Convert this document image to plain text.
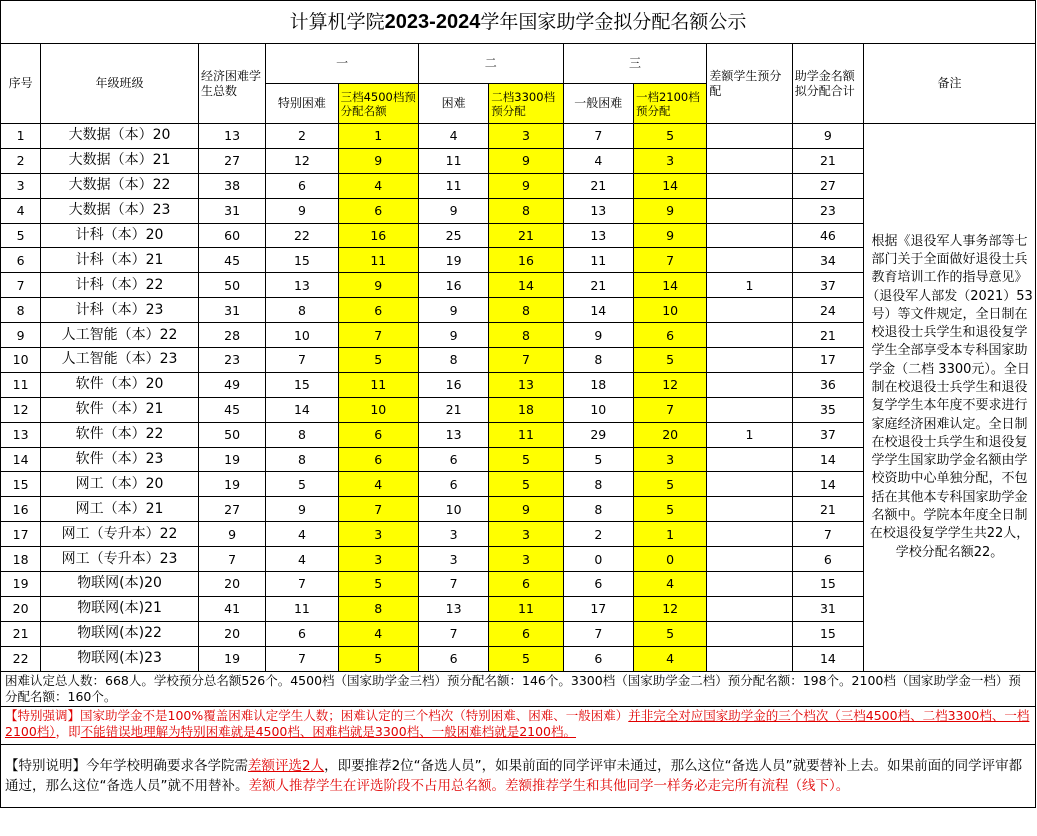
计算机学院2023-2024学年国家助学金拟分配名额公示											
序号	年级班级	经济困难学生总数	一		二		三		差额学生预分配	助学金名额拟分配合计	备注
			特别困难	三档4500档预分配名额	困难	二档3300档预分配	一般困难	一档2100档预分配			
1	大数据（本）20	13	2	1	4	3	7	5		9	根据《退役军人事务部等七部门关于全面做好退役士兵教育培训工作的指导意见》（退役军人部发（2021）53号）等文件规定，全日制在校退役士兵学生和退役复学学生全部享受本专科国家助学金（二档 3300元）。全日制在校退役士兵学生和退役复学学生本年度不要求进行家庭经济困难认定。全日制在校退役士兵学生和退役复学学生国家助学金名额由学校资助中心单独分配，不包括在其他本专科国家助学金名额中。学院本年度全日制在校退役复学学生共22人，学校分配名额22。
2	大数据（本）21	27	12	9	11	9	4	3		21	
3	大数据（本）22	38	6	4	11	9	21	14		27	
4	大数据（本）23	31	9	6	9	8	13	9		23	
5	计科（本）20	60	22	16	25	21	13	9		46	
6	计科（本）21	45	15	11	19	16	11	7		34	
7	计科（本）22	50	13	9	16	14	21	14	1	37	
8	计科（本）23	31	8	6	9	8	14	10		24	
9	人工智能（本）22	28	10	7	9	8	9	6		21	
10	人工智能（本）23	23	7	5	8	7	8	5		17	
11	软件（本）20	49	15	11	16	13	18	12		36	
12	软件（本）21	45	14	10	21	18	10	7		35	
13	软件（本）22	50	8	6	13	11	29	20	1	37	
14	软件（本）23	19	8	6	6	5	5	3		14	
15	网工（本）20	19	5	4	6	5	8	5		14	
16	网工（本）21	27	9	7	10	9	8	5		21	
17	网工（专升本）22	9	4	3	3	3	2	1		7	
18	网工（专升本）23	7	4	3	3	3	0	0		6	
19	物联网(本)20	20	7	5	7	6	6	4		15	
20	物联网(本)21	41	11	8	13	11	17	12		31	
21	物联网(本)22	20	6	4	7	6	7	5		15	
22	物联网(本)23	19	7	5	6	5	6	4		14	
困难认定总人数：668人。学校预分总名额526个。4500档（国家助学金三档）预分配名额：146个。3300档（国家助学金二档）预分配名额：198个。2100档（国家助学金一档）预分配名额：160个。											
【特别强调】国家助学金不是100%覆盖困难认定学生人数；困难认定的三个档次（特别困难、困难、一般困难）并非完全对应国家助学金的三个档次（三档4500档、二档3300档、一档2100档），即不能错误地理解为特别困难就是4500档、困难档就是3300档、一般困难档就是2100档。											
【特别说明】今年学校明确要求各学院需差额评选2人，即要推荐2位“备选人员”，如果前面的同学评审未通过，那么这位“备选人员”就要替补上去。如果前面的同学评审都通过，那么这位“备选人员”就不用替补。差额人推荐学生在评选阶段不占用总名额。差额推荐学生和其他同学一样务必走完所有流程（线下）。											
